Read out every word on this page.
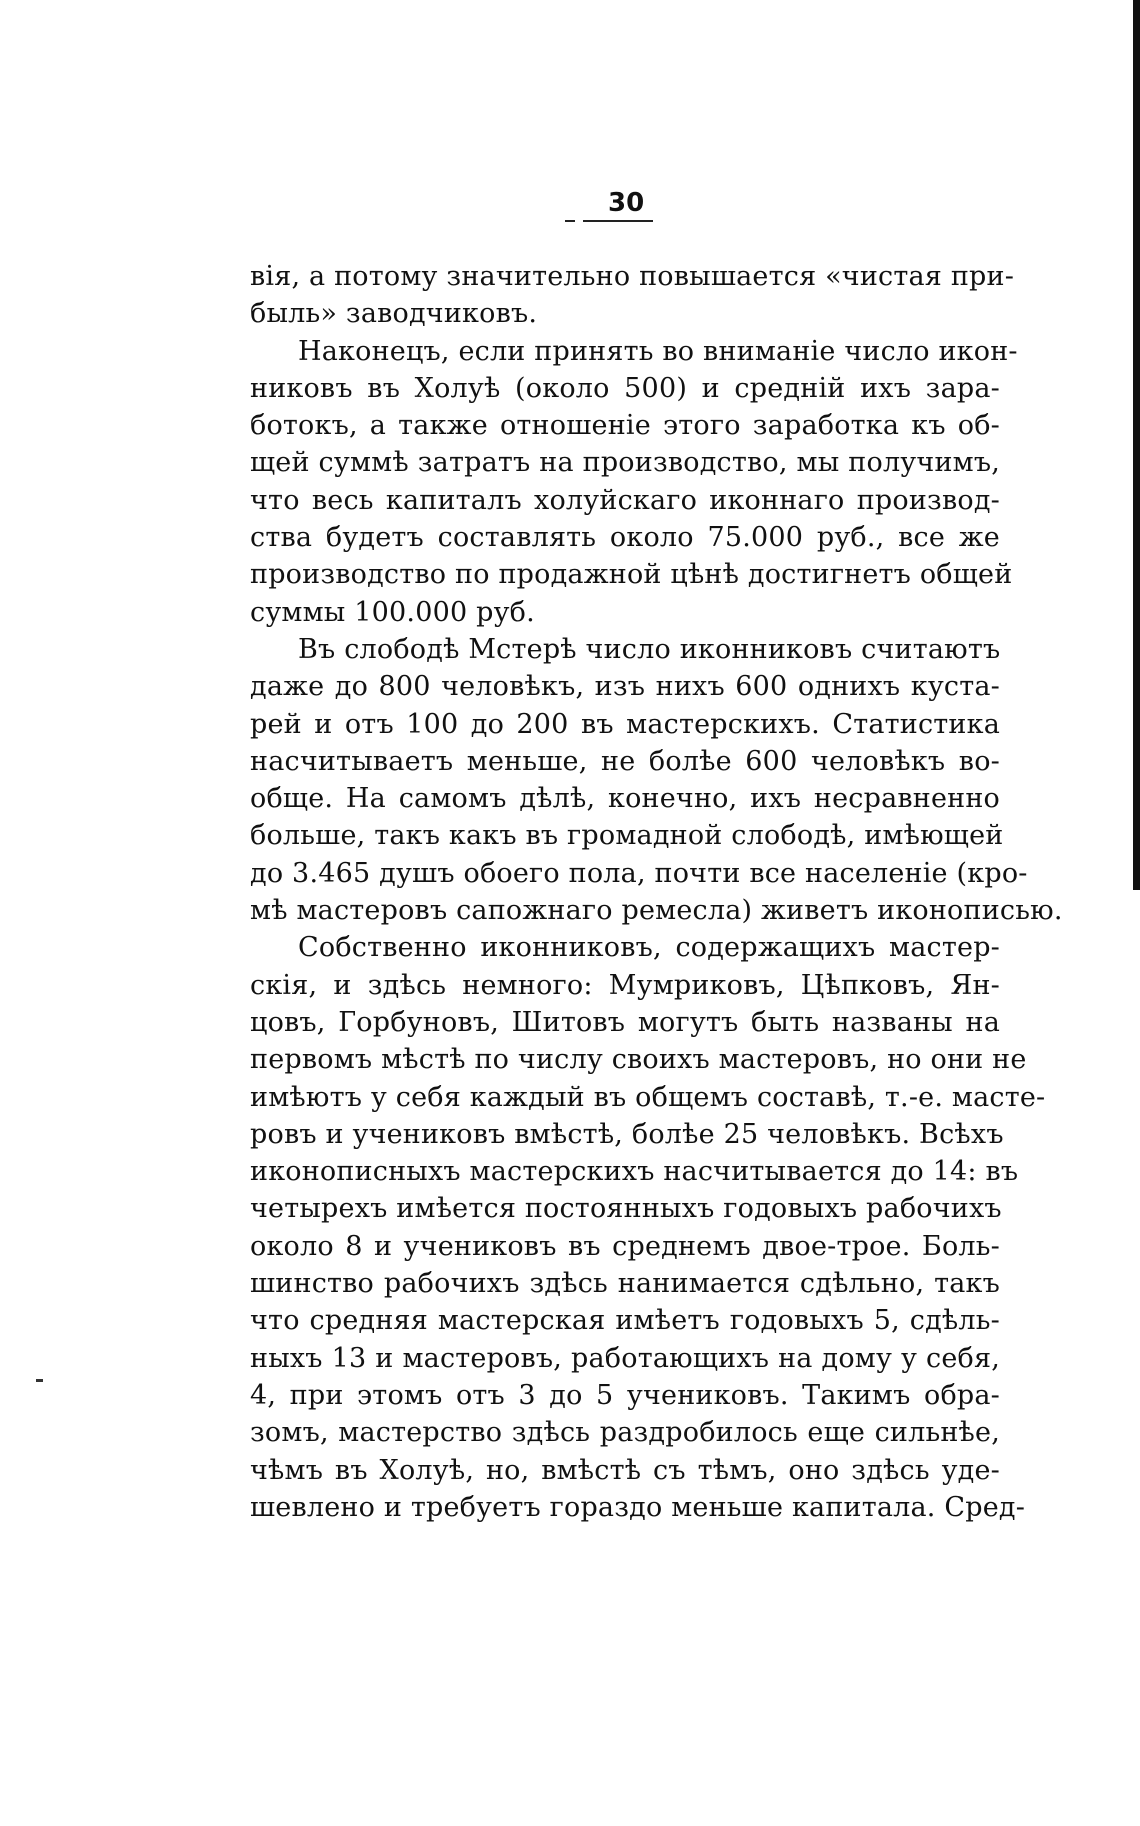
30
вія, а потому значительно повышается «чистая при-
быль» заводчиковъ.
Наконецъ, если принять во вниманіе число икон-
никовъ въ Холуѣ (около 500) и среднiй ихъ зара-
ботокъ, а также отношеніе этого заработка къ об-
щей суммѣ затратъ на производство, мы получимъ,
что весь капиталъ холуйскаго иконнаго производ-
ства будетъ составлять около 75.000 руб., все же
производство по продажной цѣнѣ достигнетъ общей
суммы 100.000 руб.
Въ слободѣ Мстерѣ число иконниковъ считаютъ
даже до 800 человѣкъ, изъ нихъ 600 однихъ куста-
рей и отъ 100 до 200 въ мастерскихъ. Статистика
насчитываетъ меньше, не болѣе 600 человѣкъ во-
обще. На самомъ дѣлѣ, конечно, ихъ несравненно
больше, такъ какъ въ громадной слободѣ, имѣющей
до 3.465 душъ обоего пола, почти все населеніе (кро-
мѣ мастеровъ сапожнаго ремесла) живетъ иконописью.
Собственно иконниковъ, содержащихъ мастер-
скія, и здѣсь немного: Мумриковъ, Цѣпковъ, Ян-
цовъ, Горбуновъ, Шитовъ могутъ быть названы на
первомъ мѣстѣ по числу своихъ мастеровъ, но они не
имѣютъ у себя каждый въ общемъ составѣ, т.-е. масте-
ровъ и учениковъ вмѣстѣ, болѣе 25 человѣкъ. Всѣхъ
иконописныхъ мастерскихъ насчитывается до 14: въ
четырехъ имѣется постоянныхъ годовыхъ рабочихъ
около 8 и учениковъ въ среднемъ двое-трое. Боль-
шинство рабочихъ здѣсь нанимается сдѣльно, такъ
что средняя мастерская имѣетъ годовыхъ 5, сдѣль-
ныхъ 13 и мастеровъ, работающихъ на дому у себя,
4, при этомъ отъ 3 до 5 учениковъ. Такимъ обра-
зомъ, мастерство здѣсь раздробилось еще сильнѣе,
чѣмъ въ Холуѣ, но, вмѣстѣ съ тѣмъ, оно здѣсь уде-
шевлено и требуетъ гораздо меньше капитала. Сред-
